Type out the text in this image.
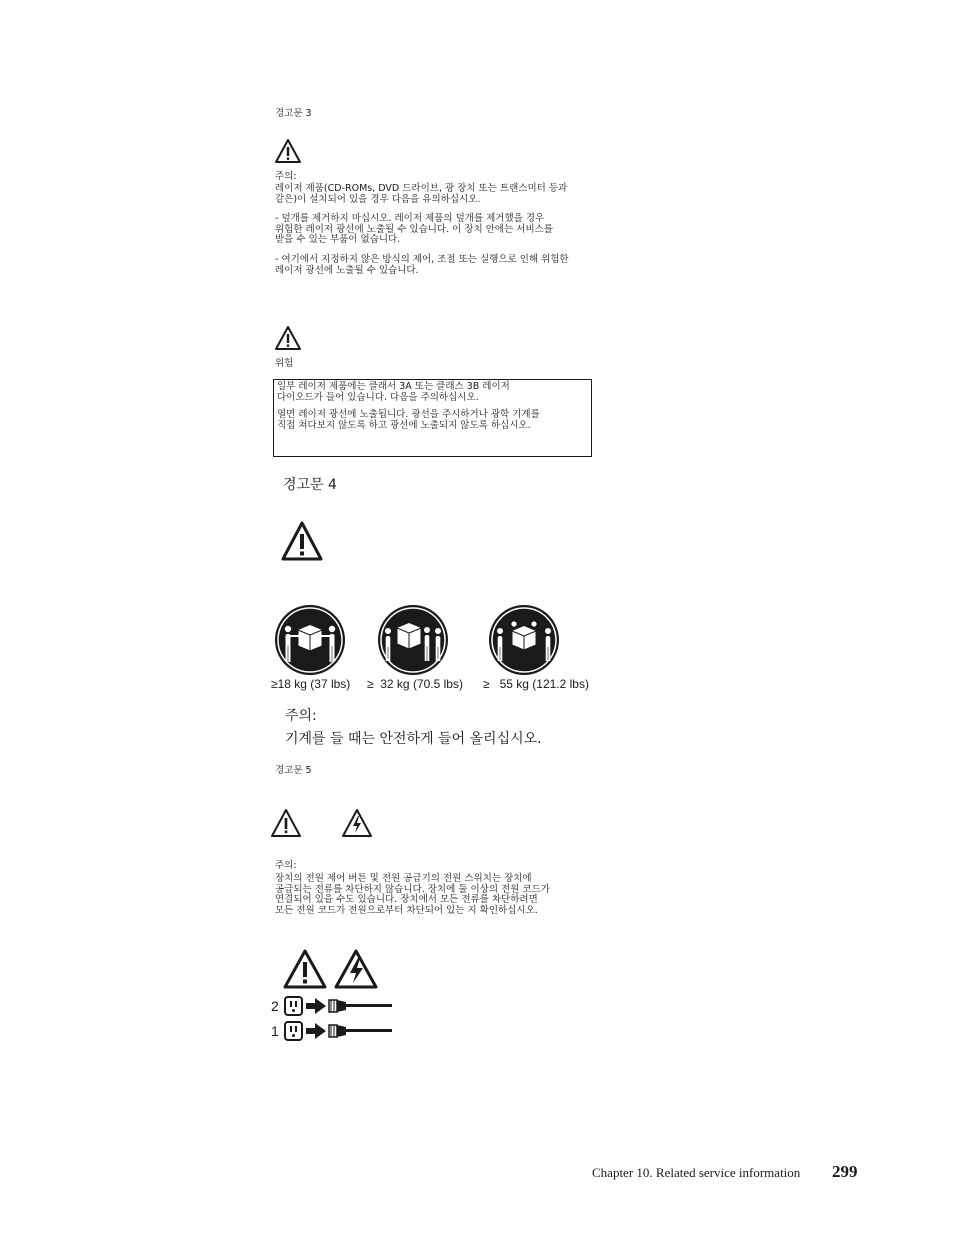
경고문 3
주의:
레이저 제품(CD-ROMs, DVD 드라이브, 광 장치 또는 트랜스미터 등과
같은)이 설치되어 있을 경우 다음을 유의하십시오.
- 덮개를 제거하지 마십시오. 레이저 제품의 덮개를 제거했을 경우
위험한 레이저 광선에 노출될 수 있습니다. 이 장치 안에는 서비스를
받을 수 있는 부품이 없습니다.
- 여기에서 지정하지 않은 방식의 제어, 조절 또는 실행으로 인해 위험한
레이저 광선에 노출될 수 있습니다.
위험
일부 레이저 제품에는 클래서 3A 또는 클래스 3B 레이저
다이오드가 들어 있습니다. 다음을 주의하십시오.
열면 레이저 광선에 노출됩니다. 광선을 주시하거나 광학 기계를
직접 쳐다보지 않도록 하고 광선에 노출되지 않도록 하십시오.
경고문 4
≥18 kg (37 lbs) ≥  32 kg (70.5 lbs) ≥   55 kg (121.2 lbs)
주의:
기계를 들 때는 안전하게 들어 올리십시오.
경고문 5
주의:
장치의 전원 제어 버튼 및 전원 공급기의 전원 스위치는 장치에
공급되는 전류를 차단하지 않습니다. 장치에 둘 이상의 전원 코드가
연결되어 있을 수도 있습니다. 장치에서 모든 전류를 차단하려면
모든 전원 코드가 전원으로부터 차단되어 있는 지 확인하십시오.
2
1
Chapter 10. Related service information 299
